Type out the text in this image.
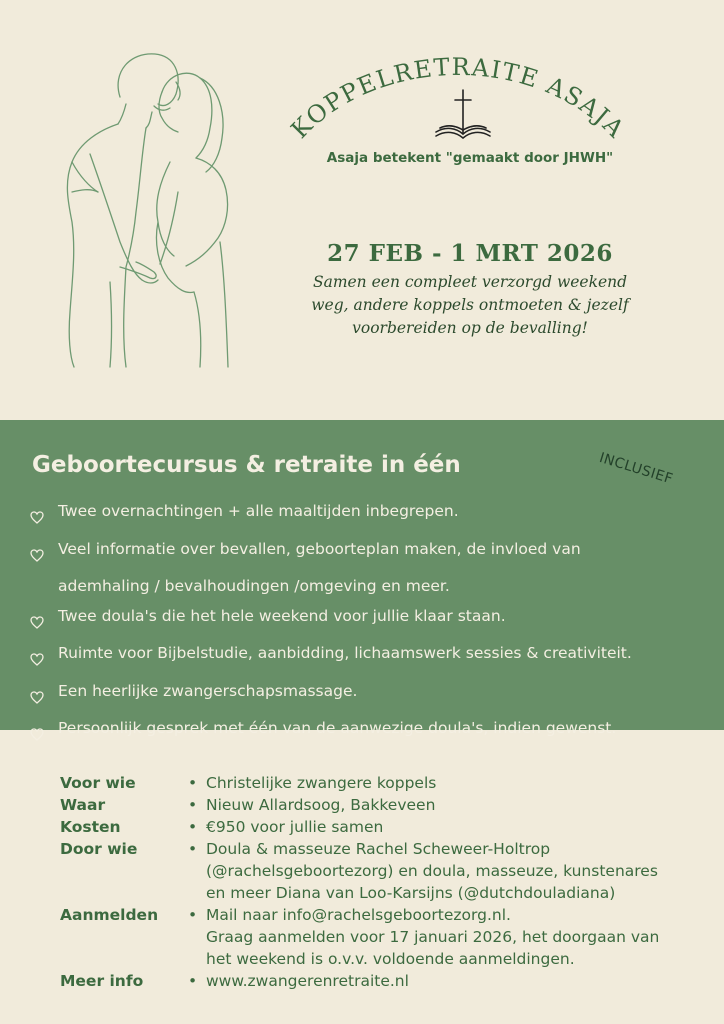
KOPPELRETRAITE ASAJA
Asaja betekent "gemaakt door JHWH"
27 FEB - 1 MRT 2026
Samen een compleet verzorgd weekend
weg, andere koppels ontmoeten & jezelf
voorbereiden op de bevalling!
Geboortecursus & retraite in één	INCLUSIEF
Twee overnachtingen + alle maaltijden inbegrepen.
Veel informatie over bevallen, geboorteplan maken, de invloed van
ademhaling / bevalhoudingen /omgeving en meer.
Twee doula's die het hele weekend voor jullie klaar staan.
Ruimte voor Bijbelstudie, aanbidding, lichaamswerk sessies & creativiteit.
Een heerlijke zwangerschapsmassage.
Persoonlijk gesprek met één van de aanwezige doula's, indien gewenst.
Voor wie	•	Christelijke zwangere koppels

Waar	•	Nieuw Allardsoog, Bakkeveen

Kosten	•	€950 voor jullie samen

Door wie	•	Doula & masseuze Rachel Scheweer-Holtrop
(@rachelsgeboortezorg) en doula, masseuze, kunstenares
en meer Diana van Loo-Karsijns (@dutchdouladiana)

Aanmelden	•	Mail naar info@rachelsgeboortezorg.nl.
Graag aanmelden voor 17 januari 2026, het doorgaan van
het weekend is o.v.v. voldoende aanmeldingen.

Meer info	•	www.zwangerenretraite.nl
